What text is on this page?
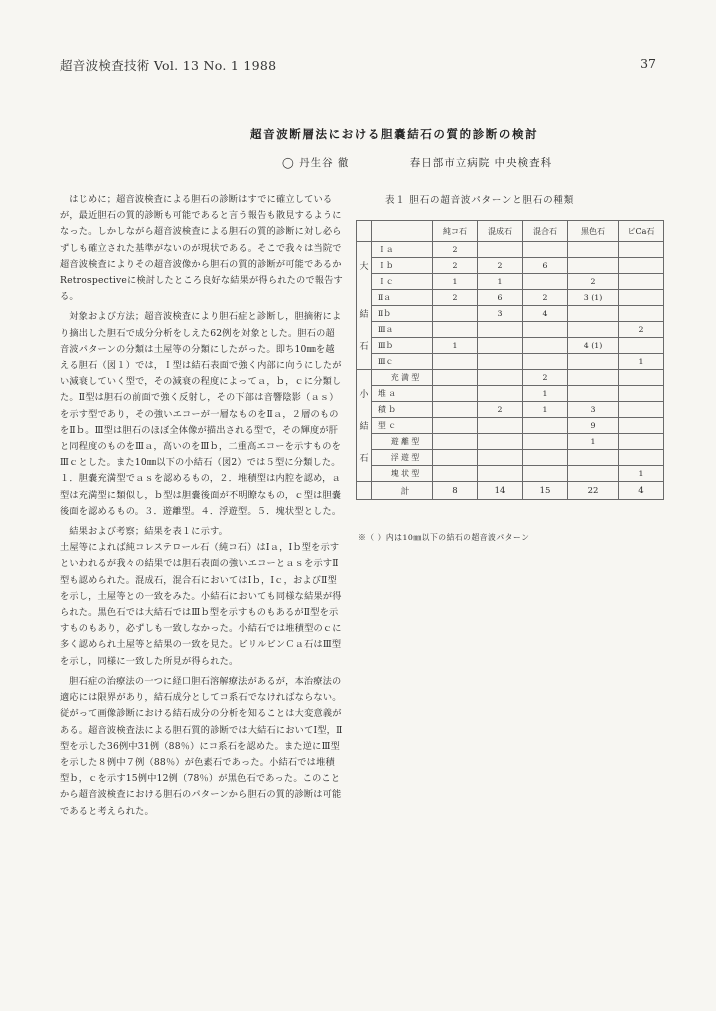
超音波検査技術 Vol. 13 No. 1 1988	37
超音波断層法における胆嚢結石の質的診断の検討
◯ 丹生谷 徹	春日部市立病院 中央検査科

はじめに；超音波検査による胆石の診断はすでに確立しているが，最近胆石の質的診断も可能であると言う報告も散見するようになった。しかしながら超音波検査による胆石の質的診断に対し必らずしも確立された基準がないのが現状である。そこで我々は当院で超音波検査によりその超音波像から胆石の質的診断が可能であるかRetrospectiveに検討したところ良好な結果が得られたので報告する。

対象および方法；超音波検査により胆石症と診断し，胆摘術により摘出した胆石で成分分析をしえた62例を対象とした。胆石の超音波パターンの分類は土屋等の分類にしたがった。即ち10㎜を越える胆石（図１）では，Ｉ型は結石表面で強く内部に向うにしたがい減衰していく型で，その減衰の程度によってａ，ｂ，ｃに分類した。Ⅱ型は胆石の前面で強く反射し，その下部は音響陰影（ａｓ）を示す型であり，その強いエコーが一層なものをⅡａ，２層のものをⅡｂ。Ⅲ型は胆石のほぼ全体像が描出される型で，その輝度が肝と同程度のものをⅢａ，高いのをⅢｂ，二重高エコーを示すものをⅢｃとした。また10㎜以下の小結石（図2）では５型に分類した。１．胆嚢充満型でａｓを認めるもの，２．堆積型は内腔を認め，ａ型は充満型に類似し，ｂ型は胆嚢後面が不明瞭なもの，ｃ型は胆嚢後面を認めるもの。３．遊離型。４．浮遊型。５．塊状型とした。

結果および考察；結果を表１に示す。

土屋等によれば純コレステロール石（純コ石）はⅠａ，Ⅰｂ型を示すといわれるが我々の結果では胆石表面の強いエコーとａｓを示すⅡ型も認められた。混成石，混合石においてはⅠｂ，Ⅰｃ，およびⅡ型を示し，土屋等との一致をみた。小結石においても同様な結果が得られた。黒色石では大結石ではⅢｂ型を示すものもあるがⅡ型を示すものもあり，必ずしも一致しなかった。小結石では堆積型のｃに多く認められ土屋等と結果の一致を見た。ビリルビンＣａ石はⅢ型を示し，同様に一致した所見が得られた。

胆石症の治療法の一つに経口胆石溶解療法があるが，本治療法の適応には限界があり，結石成分としてコ系石でなければならない。従がって画像診断における結石成分の分析を知ることは大変意義がある。超音波検査法による胆石質的診断では大結石においてⅠ型，Ⅱ型を示した36例中31例（88％）にコ系石を認めた。また逆にⅢ型を示した８例中７例（88％）が色素石であった。小結石では堆積型ｂ，ｃを示す15例中12例（78％）が黒色石であった。このことから超音波検査における胆石のパターンから胆石の質的診断は可能であると考えられた。

表１ 胆石の超音波パターンと胆石の種類
		純コ石	混成石	混合石	黒色石	ビCa石
	Ｉａ	2				
大	Ｉｂ	2	2	6		
	Ｉｃ	1	1		2	
	Ⅱａ	2	6	2	3 (1)	
結	Ⅱｂ		3	4		
	Ⅲａ					2
石	Ⅲｂ	1			4 (1)	
	Ⅲｃ					1
	充 満 型			2		
小	堆 ａ			1		
	積 ｂ		2	1	3	
結	型 ｃ				9	
	遊 離 型				1	
石	浮 遊 型					
	塊 状 型					1
	計	8	14	15	22	4
※（ ）内は10㎜以下の結石の超音波パターン
